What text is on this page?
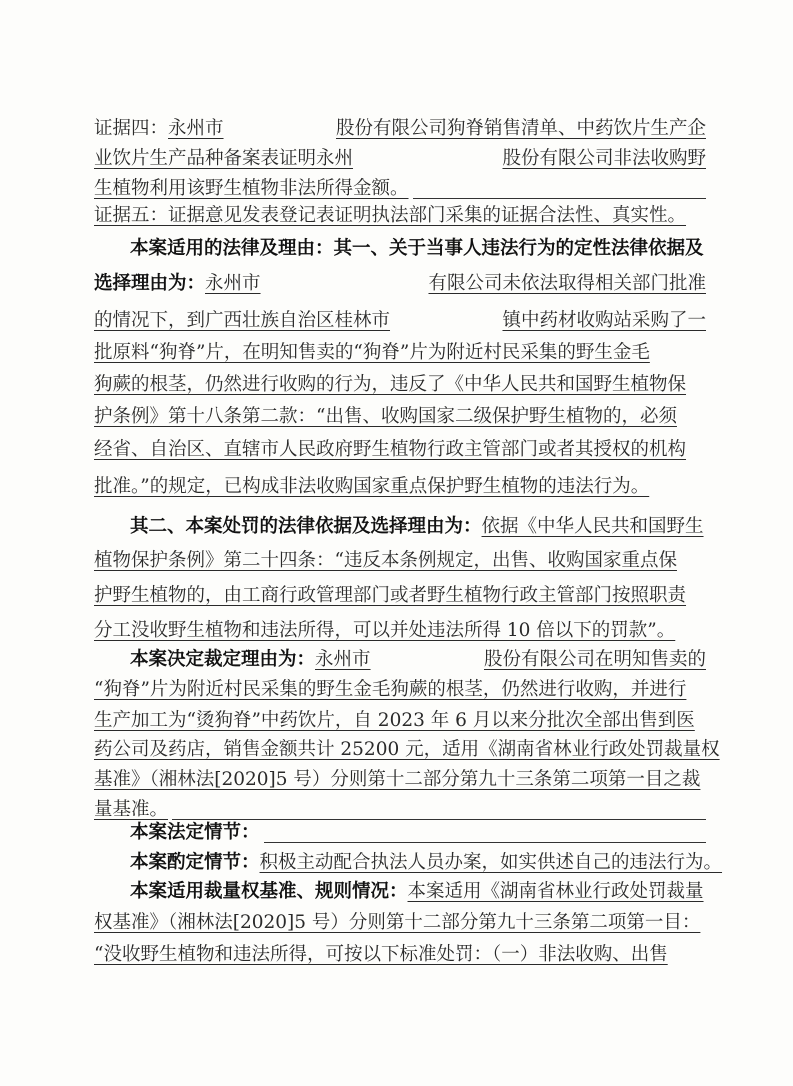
证据四： 永州市	股份有限公司狗脊销售清单、中药饮片生产企
业饮片生产品种备案表证明永州	股份有限公司非法收购野
生植物利用该野生植物非法所得金额。
证据五：证据意见发表登记表证明执法部门采集的证据合法性、真实性。
本案适用的法律及理由：其一、关于当事人违法行为的定性法律依据及
选择理由为： 永州市	有限公司未依法取得相关部门批准
的情况下，到广西壮族自治区桂林市	镇中药材收购站采购了一
批原料“狗脊”片，在明知售卖的“狗脊”片为附近村民采集的野生金毛
狗蕨的根茎，仍然进行收购的行为，违反了《中华人民共和国野生植物保
护条例》第十八条第二款：“出售、收购国家二级保护野生植物的，必须
经省、自治区、直辖市人民政府野生植物行政主管部门或者其授权的机构
批准。”的规定，已构成非法收购国家重点保护野生植物的违法行为。
其二、本案处罚的法律依据及选择理由为： 依据《中华人民共和国野生
植物保护条例》第二十四条：“违反本条例规定，出售、收购国家重点保
护野生植物的，由工商行政管理部门或者野生植物行政主管部门按照职责
分工没收野生植物和违法所得，可以并处违法所得 10 倍以下的罚款”。
本案决定裁定理由为： 永州市	股份有限公司在明知售卖的
“狗脊”片为附近村民采集的野生金毛狗蕨的根茎，仍然进行收购，并进行
生产加工为“烫狗脊”中药饮片，自 2023 年 6 月以来分批次全部出售到医
药公司及药店，销售金额共计 25200 元，适用《湖南省林业行政处罚裁量权
基准》（湘林法[2020]5 号）分则第十二部分第九十三条第二项第一目之裁
量基准。
本案法定情节：
本案酌定情节： 积极主动配合执法人员办案，如实供述自己的违法行为。
本案适用裁量权基准、规则情况： 本案适用《湖南省林业行政处罚裁量
权基准》（湘林法[2020]5 号）分则第十二部分第九十三条第二项第一目：
“没收野生植物和违法所得，可按以下标准处罚：（一）非法收购、出售
